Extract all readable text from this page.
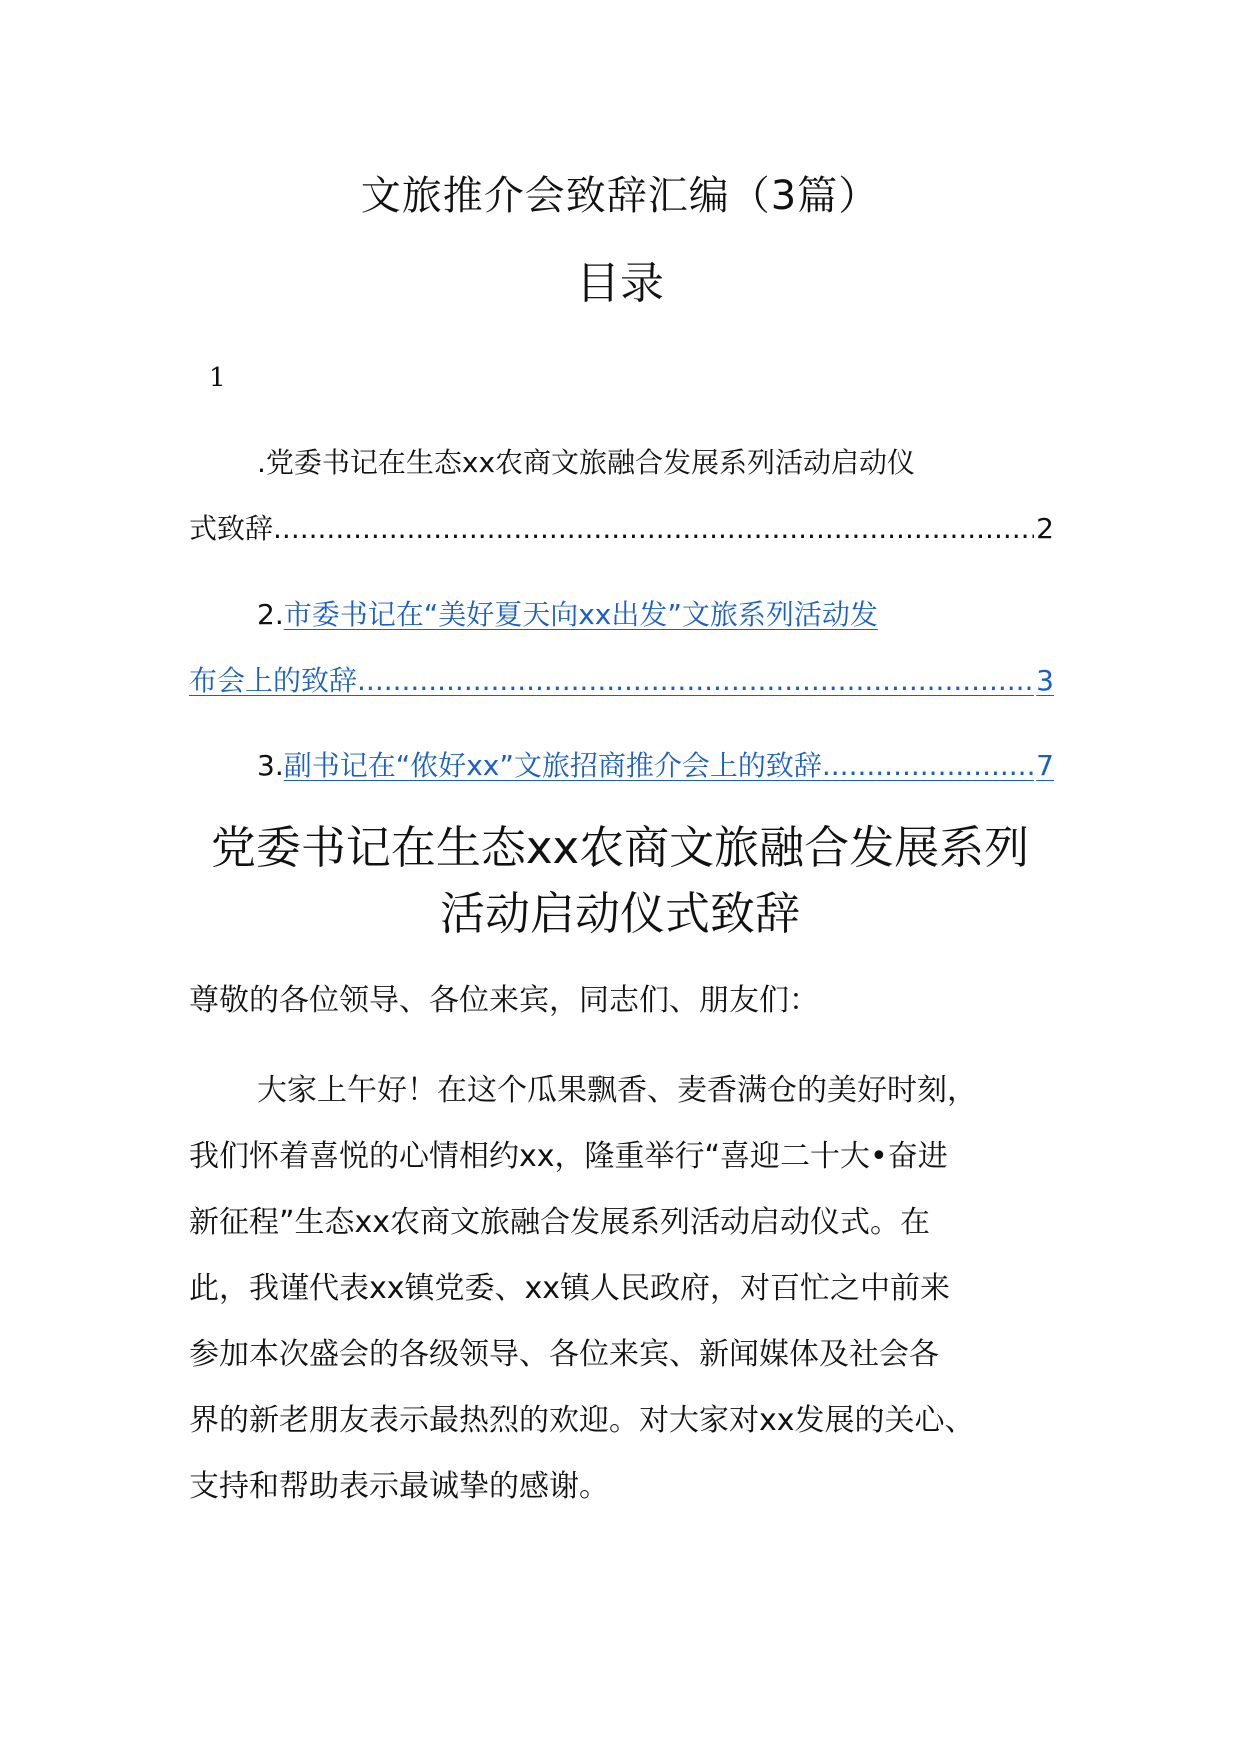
文旅推介会致辞汇编（3篇）
目录
1
. 党委书记在生态xx农商文旅融合发展系列活动启动仪
式致辞 .....	2
2. 市委书记在“美好夏天向xx出发”文旅系列活动发
布会上的致辞 .....	3
3. 副书记在“侬好xx”文旅招商推介会上的致辞 .....	7
党委书记在生态xx农商文旅融合发展系列
活动启动仪式致辞
尊敬的各位领导、各位来宾，同志们、朋友们：
大家上午好！在这个瓜果飘香、麦香满仓的美好时刻，
我们怀着喜悦的心情相约xx，隆重举行“喜迎二十大•奋进
新征程”生态xx农商文旅融合发展系列活动启动仪式。在
此，我谨代表xx镇党委、xx镇人民政府，对百忙之中前来
参加本次盛会的各级领导、各位来宾、新闻媒体及社会各
界的新老朋友表示最热烈的欢迎。对大家对xx发展的关心、
支持和帮助表示最诚挚的感谢。
